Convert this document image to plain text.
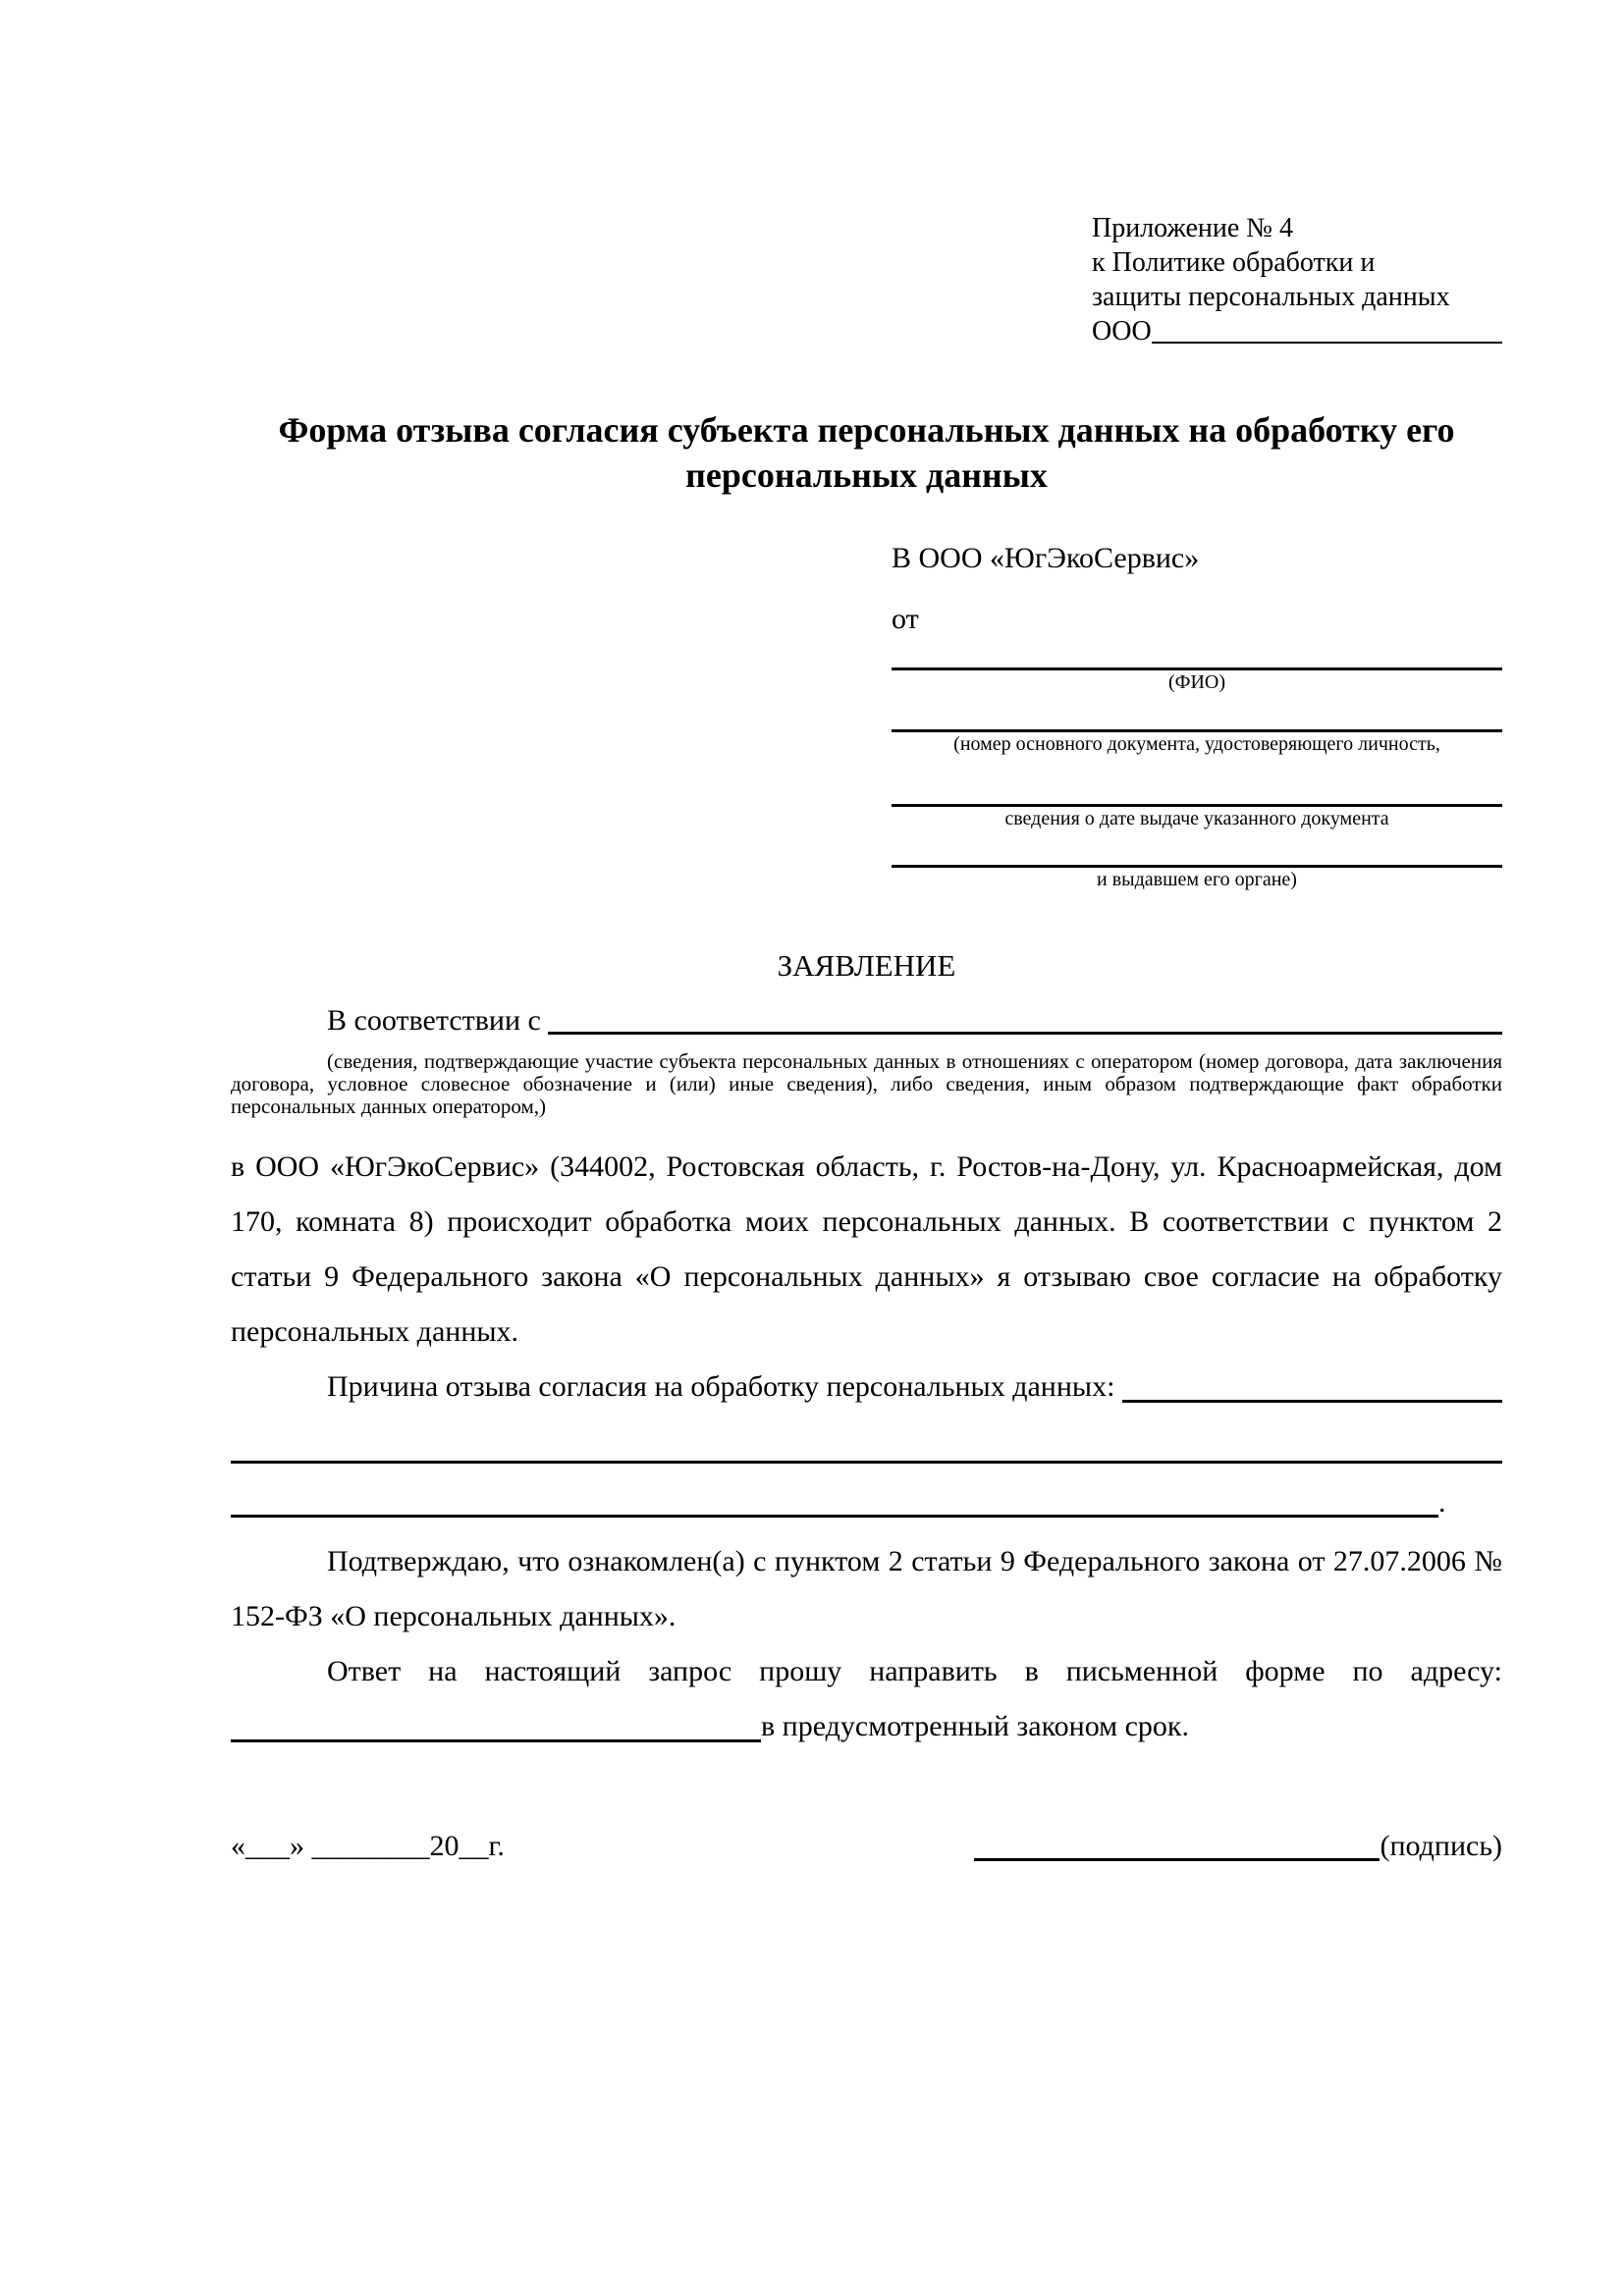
Приложение № 4
к Политике обработки и
защиты персональных данных
ООО
Форма отзыва согласия субъекта персональных данных на обработку его персональных данных
В ООО «ЮгЭкоСервис»
от
(ФИО)
(номер основного документа, удостоверяющего личность,
сведения о дате выдаче указанного документа
и выдавшем его органе)
ЗАЯВЛЕНИЕ
В соответствии с

(сведения, подтверждающие участие субъекта персональных данных в отношениях с оператором (номер договора, дата заключения договора, условное словесное обозначение и (или) иные сведения), либо сведения, иным образом подтверждающие факт обработки персональных данных оператором,)
в ООО «ЮгЭкоСервис» (344002, Ростовская область, г. Ростов-на-Дону, ул. Красноармейская, дом 170, комната 8) происходит обработка моих персональных данных. В соответствии с пунктом 2 статьи 9 Федерального закона «О персональных данных» я отзываю свое согласие на обработку персональных данных.
Причина отзыва согласия на обработку персональных данных:

.
Подтверждаю, что ознакомлен(а) с пунктом 2 статьи 9 Федерального закона от 27.07.2006 № 152-ФЗ «О персональных данных».
Ответ на настоящий запрос прошу направить в письменной форме по адресу:
в предусмотренный законом срок.
«___» ________20__г.	(подпись)
